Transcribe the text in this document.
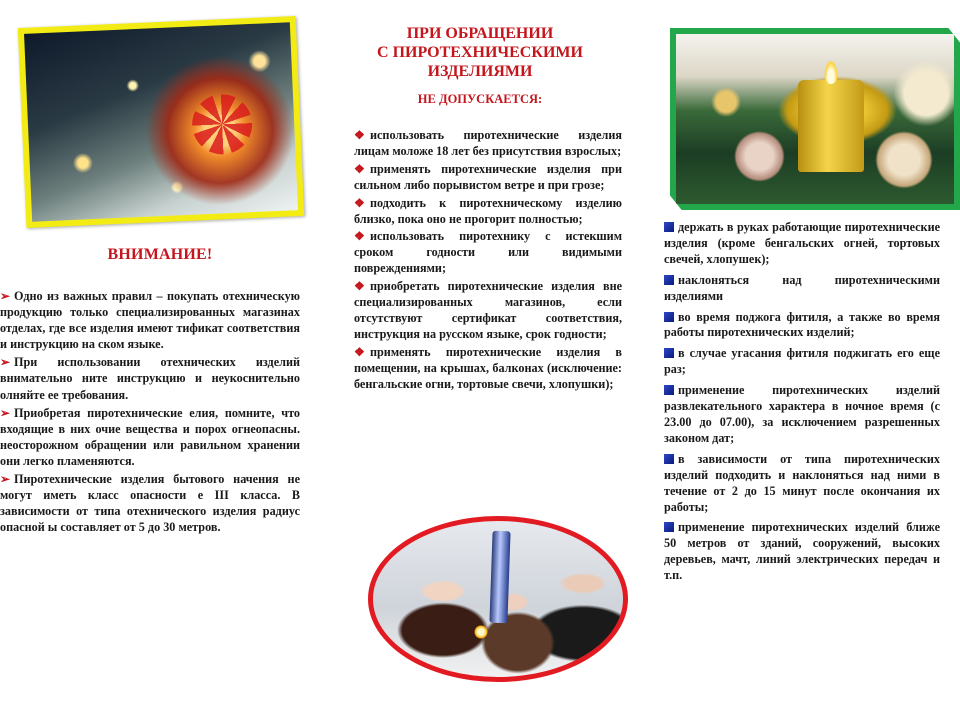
ВНИМАНИЕ!
➢ Одно из важных правил – покупать отехническую продукцию только специализированных магазинах отделах, где все изделия имеют тификат соответствия и инструкцию на ском языке.
➢ При использовании отехнических изделий внимательно ните инструкцию и неукоснительно олняйте ее требования.
➢ Приобретая пиротехнические елия, помните, что входящие в них очие вещества и порох огнеопасны. неосторожном обращении или равильном хранении они легко пламеняются.
➢ Пиротехнические изделия бытового начения не могут иметь класс опасности е III класса. В зависимости от типа отехнического изделия радиус опасной ы составляет от 5 до 30 метров.
ПРИ ОБРАЩЕНИИ
С ПИРОТЕХНИЧЕСКИМИ
ИЗДЕЛИЯМИ
НЕ ДОПУСКАЕТСЯ:
❖ использовать пиротехнические изделия лицам моложе 18 лет без присутствия взрослых;
❖ применять пиротехнические изделия при сильном либо порывистом ветре и при грозе;
❖ подходить к пиротехническому изделию близко, пока оно не прогорит полностью;
❖ использовать пиротехнику с истекшим сроком годности или видимыми повреждениями;
❖ приобретать пиротехнические изделия вне специализированных магазинов, если отсутствуют сертификат соответствия, инструкция на русском языке, срок годности;
❖ применять пиротехнические изделия в помещении, на крышах, балконах (исключение: бенгальские огни, тортовые свечи, хлопушки);
держать в руках работающие пиротехнические изделия (кроме бенгальских огней, тортовых свечей, хлопушек);
наклоняться над пиротехническими изделиями
во время поджога фитиля, а также во время работы пиротехнических изделий;
в случае угасания фитиля поджигать его еще раз;
применение пиротехнических изделий развлекательного характера в ночное время (с 23.00 до 07.00), за исключением разрешенных законом дат;
в зависимости от типа пиротехнических изделий подходить и наклоняться над ними в течение от 2 до 15 минут после окончания их работы;
применение пиротехнических изделий ближе 50 метров от зданий, сооружений, высоких деревьев, мачт, линий электрических передач и т.п.
